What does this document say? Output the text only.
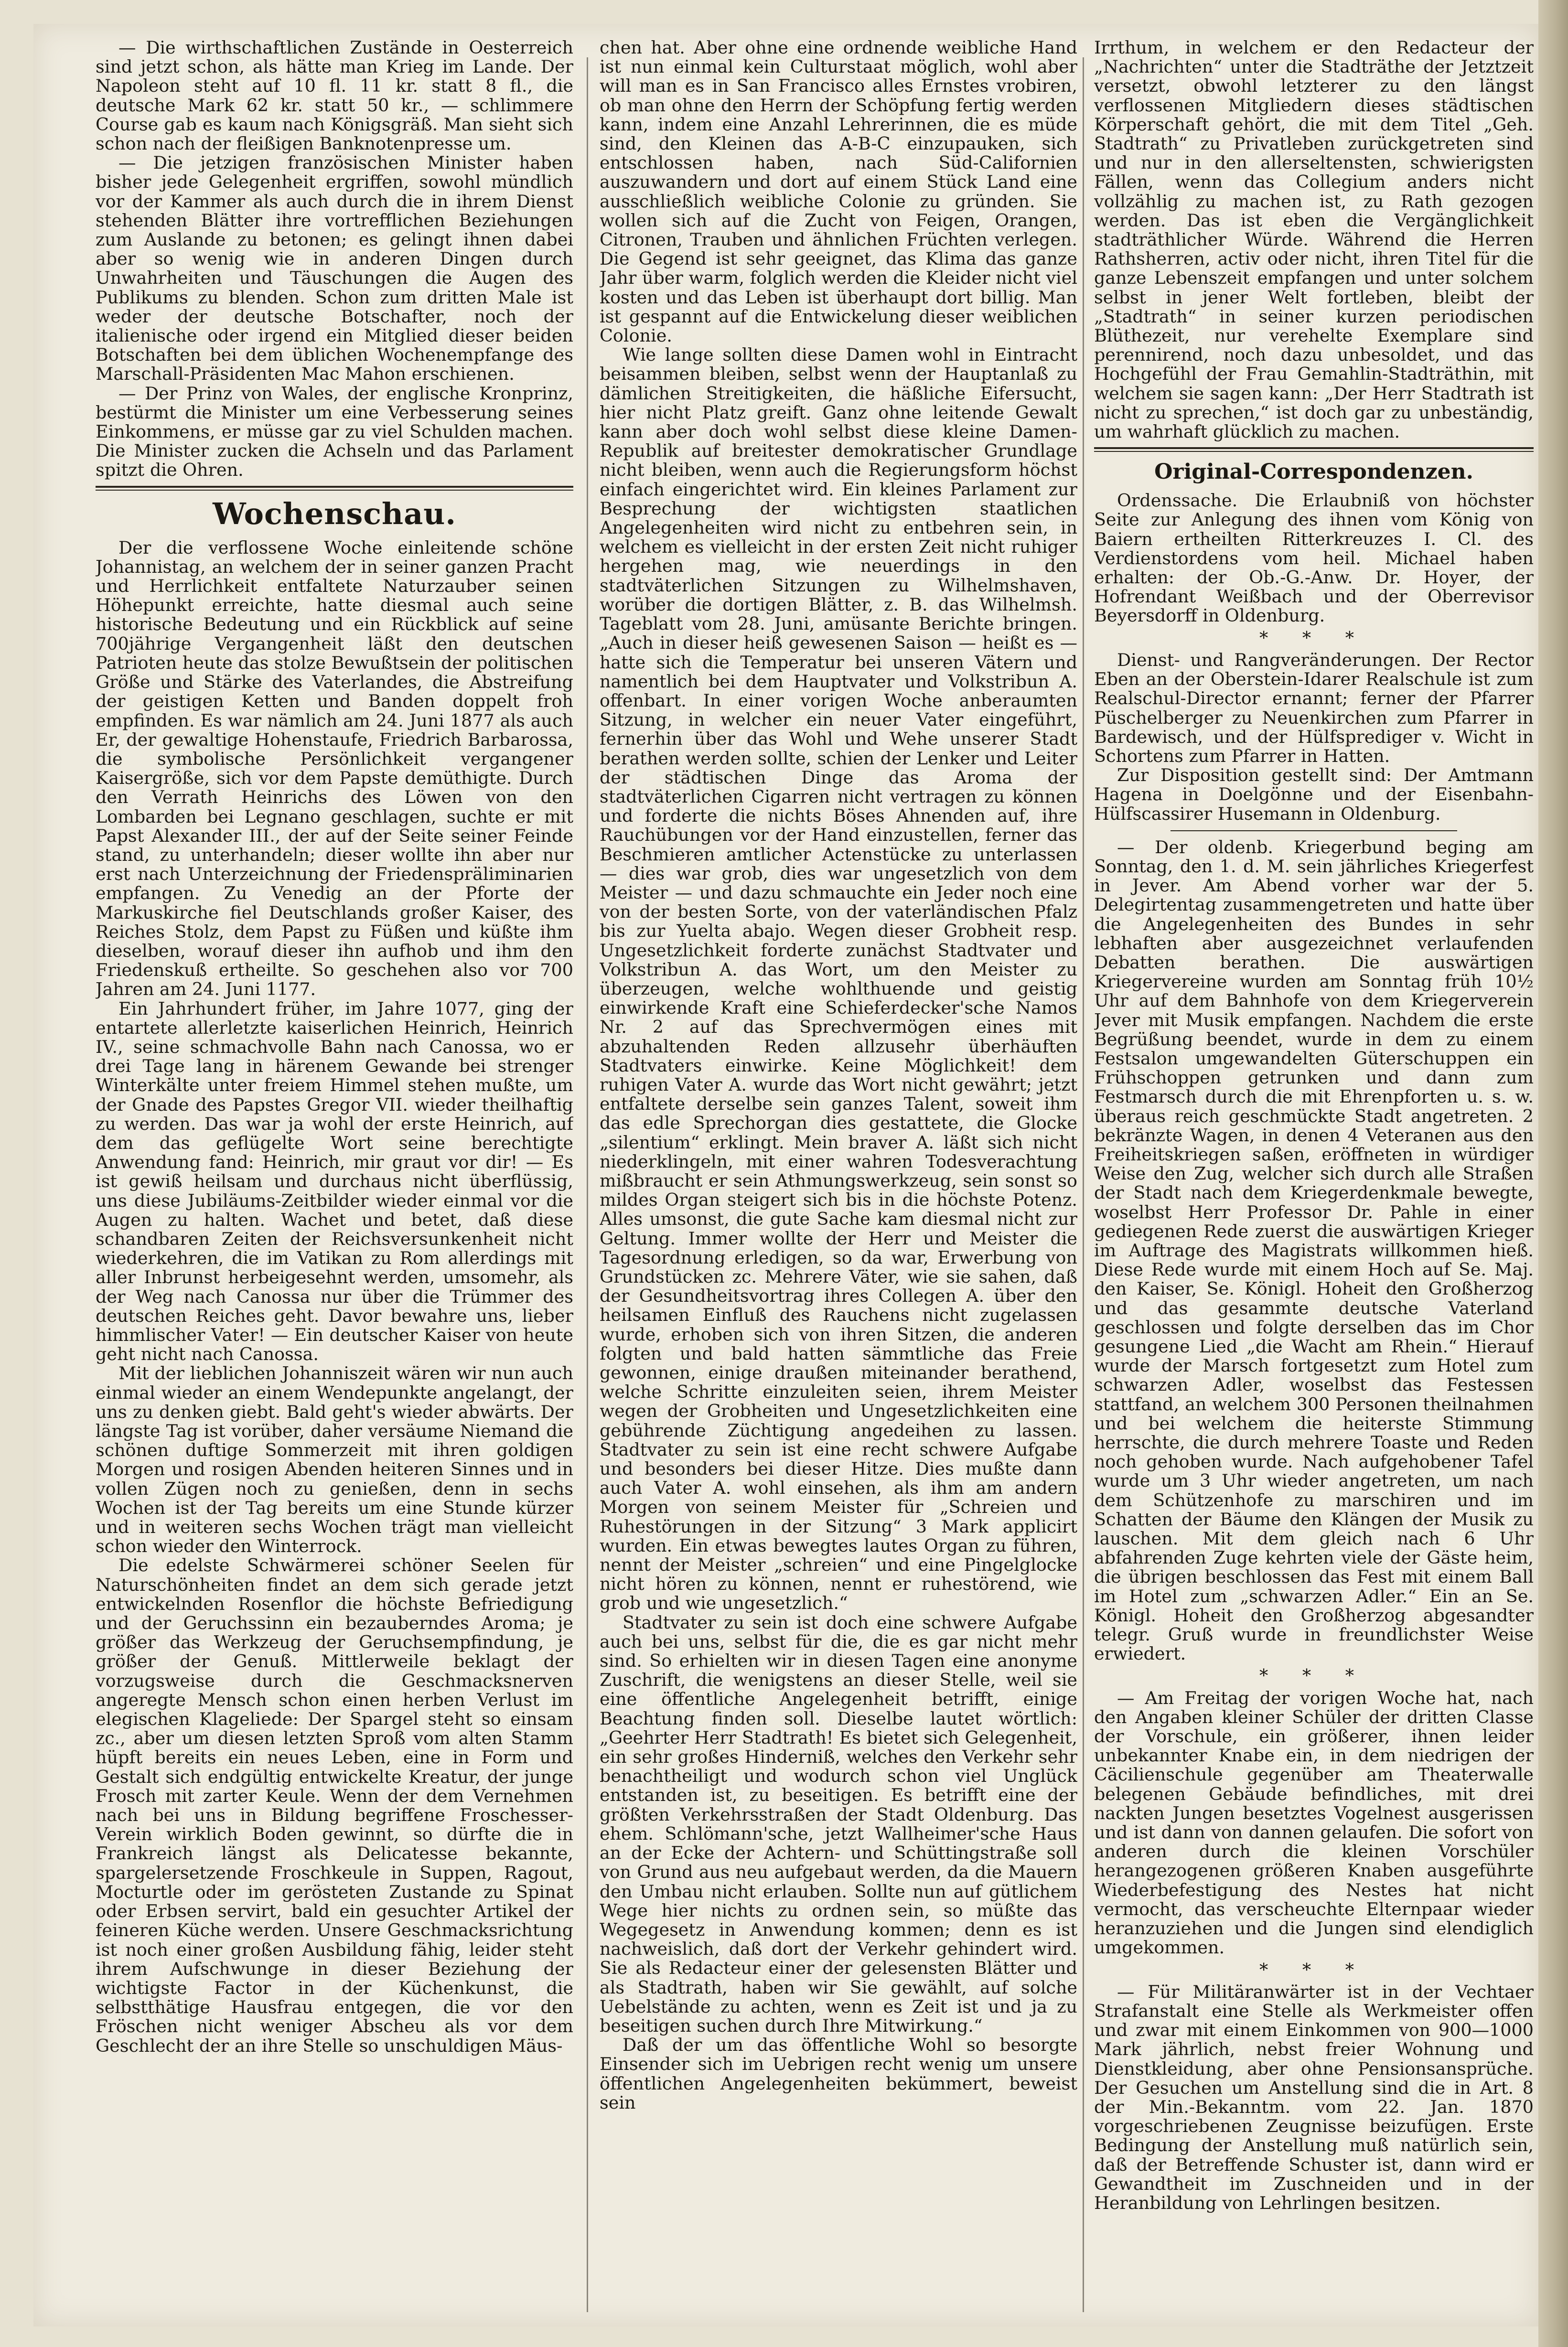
— Die wirthschaftlichen Zustände in Oesterreich sind jetzt schon, als hätte man Krieg im Lande. Der Napoleon steht auf 10 fl. 11 kr. statt 8 fl., die deutsche Mark 62 kr. statt 50 kr., — schlimmere Course gab es kaum nach Königsgräß. Man sieht sich schon nach der fleißigen Banknotenpresse um.

— Die jetzigen französischen Minister haben bisher jede Gelegenheit ergriffen, sowohl mündlich vor der Kammer als auch durch die in ihrem Dienst stehenden Blätter ihre vortrefflichen Beziehungen zum Auslande zu betonen; es gelingt ihnen dabei aber so wenig wie in anderen Dingen durch Unwahrheiten und Täuschungen die Augen des Publikums zu blenden. Schon zum dritten Male ist weder der deutsche Botschafter, noch der italienische oder irgend ein Mitglied dieser beiden Botschaften bei dem üblichen Wochenempfange des Marschall-Präsidenten Mac Mahon erschienen.

— Der Prinz von Wales, der englische Kronprinz, bestürmt die Minister um eine Verbesserung seines Einkommens, er müsse gar zu viel Schulden machen. Die Minister zucken die Achseln und das Parlament spitzt die Ohren.

Wochenschau.

Der die verflossene Woche einleitende schöne Johannistag, an welchem der in seiner ganzen Pracht und Herrlichkeit entfaltete Naturzauber seinen Höhepunkt erreichte, hatte diesmal auch seine historische Bedeutung und ein Rückblick auf seine 700jährige Vergangenheit läßt den deutschen Patrioten heute das stolze Bewußtsein der politischen Größe und Stärke des Vaterlandes, die Abstreifung der geistigen Ketten und Banden doppelt froh empfinden. Es war nämlich am 24. Juni 1877 als auch Er, der gewaltige Hohenstaufe, Friedrich Barbarossa, die symbolische Persönlichkeit vergangener Kaisergröße, sich vor dem Papste demüthigte. Durch den Verrath Heinrichs des Löwen von den Lombarden bei Legnano geschlagen, suchte er mit Papst Alexander III., der auf der Seite seiner Feinde stand, zu unterhandeln; dieser wollte ihn aber nur erst nach Unterzeichnung der Friedenspräliminarien empfangen. Zu Venedig an der Pforte der Markuskirche fiel Deutschlands großer Kaiser, des Reiches Stolz, dem Papst zu Füßen und küßte ihm dieselben, worauf dieser ihn aufhob und ihm den Friedenskuß ertheilte. So geschehen also vor 700 Jahren am 24. Juni 1177.

Ein Jahrhundert früher, im Jahre 1077, ging der entartete allerletzte kaiserlichen Heinrich, Heinrich IV., seine schmachvolle Bahn nach Canossa, wo er drei Tage lang in härenem Gewande bei strenger Winterkälte unter freiem Himmel stehen mußte, um der Gnade des Papstes Gregor VII. wieder theilhaftig zu werden. Das war ja wohl der erste Heinrich, auf dem das geflügelte Wort seine berechtigte Anwendung fand: Heinrich, mir graut vor dir! — Es ist gewiß heilsam und durchaus nicht überflüssig, uns diese Jubiläums-Zeitbilder wieder einmal vor die Augen zu halten. Wachet und betet, daß diese schandbaren Zeiten der Reichsversunkenheit nicht wiederkehren, die im Vatikan zu Rom allerdings mit aller Inbrunst herbeigesehnt werden, umsomehr, als der Weg nach Canossa nur über die Trümmer des deutschen Reiches geht. Davor bewahre uns, lieber himmlischer Vater! — Ein deutscher Kaiser von heute geht nicht nach Canossa.

Mit der lieblichen Johanniszeit wären wir nun auch einmal wieder an einem Wendepunkte angelangt, der uns zu denken giebt. Bald geht's wieder abwärts. Der längste Tag ist vorüber, daher versäume Niemand die schönen duftige Sommerzeit mit ihren goldigen Morgen und rosigen Abenden heiteren Sinnes und in vollen Zügen noch zu genießen, denn in sechs Wochen ist der Tag bereits um eine Stunde kürzer und in weiteren sechs Wochen trägt man vielleicht schon wieder den Winterrock.

Die edelste Schwärmerei schöner Seelen für Naturschönheiten findet an dem sich gerade jetzt entwickelnden Rosenflor die höchste Befriedigung und der Geruchssinn ein bezauberndes Aroma; je größer das Werkzeug der Geruchsempfindung, je größer der Genuß. Mittlerweile beklagt der vorzugsweise durch die Geschmacksnerven angeregte Mensch schon einen herben Verlust im elegischen Klageliede: Der Spargel steht so einsam zc., aber um diesen letzten Sproß vom alten Stamm hüpft bereits ein neues Leben, eine in Form und Gestalt sich endgültig entwickelte Kreatur, der junge Frosch mit zarter Keule. Wenn der dem Vernehmen nach bei uns in Bildung begriffene Froschesser-Verein wirklich Boden gewinnt, so dürfte die in Frankreich längst als Delicatesse bekannte, spargelersetzende Froschkeule in Suppen, Ragout, Mocturtle oder im gerösteten Zustande zu Spinat oder Erbsen servirt, bald ein gesuchter Artikel der feineren Küche werden. Unsere Geschmacksrichtung ist noch einer großen Ausbildung fähig, leider steht ihrem Aufschwunge in dieser Beziehung der wichtigste Factor in der Küchenkunst, die selbstthätige Hausfrau entgegen, die vor den Fröschen nicht weniger Abscheu als vor dem Geschlecht der an ihre Stelle so unschuldigen Mäus-

chen hat. Aber ohne eine ordnende weibliche Hand ist nun einmal kein Culturstaat möglich, wohl aber will man es in San Francisco alles Ernstes vrobiren, ob man ohne den Herrn der Schöpfung fertig werden kann, indem eine Anzahl Lehrerinnen, die es müde sind, den Kleinen das A-B-C einzupauken, sich entschlossen haben, nach Süd-Californien auszuwandern und dort auf einem Stück Land eine ausschließlich weibliche Colonie zu gründen. Sie wollen sich auf die Zucht von Feigen, Orangen, Citronen, Trauben und ähnlichen Früchten verlegen. Die Gegend ist sehr geeignet, das Klima das ganze Jahr über warm, folglich werden die Kleider nicht viel kosten und das Leben ist überhaupt dort billig. Man ist gespannt auf die Entwickelung dieser weiblichen Colonie.

Wie lange sollten diese Damen wohl in Eintracht beisammen bleiben, selbst wenn der Hauptanlaß zu dämlichen Streitigkeiten, die häßliche Eifersucht, hier nicht Platz greift. Ganz ohne leitende Gewalt kann aber doch wohl selbst diese kleine Damen-Republik auf breitester demokratischer Grundlage nicht bleiben, wenn auch die Regierungsform höchst einfach eingerichtet wird. Ein kleines Parlament zur Besprechung der wichtigsten staatlichen Angelegenheiten wird nicht zu entbehren sein, in welchem es vielleicht in der ersten Zeit nicht ruhiger hergehen mag, wie neuerdings in den stadtväterlichen Sitzungen zu Wilhelmshaven, worüber die dortigen Blätter, z. B. das Wilhelmsh. Tageblatt vom 28. Juni, amüsante Berichte bringen. „Auch in dieser heiß gewesenen Saison — heißt es — hatte sich die Temperatur bei unseren Vätern und namentlich bei dem Hauptvater und Volkstribun A. offenbart. In einer vorigen Woche anberaumten Sitzung, in welcher ein neuer Vater eingeführt, fernerhin über das Wohl und Wehe unserer Stadt berathen werden sollte, schien der Lenker und Leiter der städtischen Dinge das Aroma der stadtväterlichen Cigarren nicht vertragen zu können und forderte die nichts Böses Ahnenden auf, ihre Rauchübungen vor der Hand einzustellen, ferner das Beschmieren amtlicher Actenstücke zu unterlassen — dies war grob, dies war ungesetzlich von dem Meister — und dazu schmauchte ein Jeder noch eine von der besten Sorte, von der vaterländischen Pfalz bis zur Yuelta abajo. Wegen dieser Grobheit resp. Ungesetzlichkeit forderte zunächst Stadtvater und Volkstribun A. das Wort, um den Meister zu überzeugen, welche wohlthuende und geistig einwirkende Kraft eine Schieferdecker'sche Namos Nr. 2 auf das Sprechvermögen eines mit abzuhaltenden Reden allzusehr überhäuften Stadtvaters einwirke. Keine Möglichkeit! dem ruhigen Vater A. wurde das Wort nicht gewährt; jetzt entfaltete derselbe sein ganzes Talent, soweit ihm das edle Sprechorgan dies gestattete, die Glocke „silentium“ erklingt. Mein braver A. läßt sich nicht niederklingeln, mit einer wahren Todesverachtung mißbraucht er sein Athmungswerkzeug, sein sonst so mildes Organ steigert sich bis in die höchste Potenz. Alles umsonst, die gute Sache kam diesmal nicht zur Geltung. Immer wollte der Herr und Meister die Tagesordnung erledigen, so da war, Erwerbung von Grundstücken zc. Mehrere Väter, wie sie sahen, daß der Gesundheitsvortrag ihres Collegen A. über den heilsamen Einfluß des Rauchens nicht zugelassen wurde, erhoben sich von ihren Sitzen, die anderen folgten und bald hatten sämmtliche das Freie gewonnen, einige draußen miteinander berathend, welche Schritte einzuleiten seien, ihrem Meister wegen der Grobheiten und Ungesetzlichkeiten eine gebührende Züchtigung angedeihen zu lassen. Stadtvater zu sein ist eine recht schwere Aufgabe und besonders bei dieser Hitze. Dies mußte dann auch Vater A. wohl einsehen, als ihm am andern Morgen von seinem Meister für „Schreien und Ruhestörungen in der Sitzung“ 3 Mark applicirt wurden. Ein etwas bewegtes lautes Organ zu führen, nennt der Meister „schreien“ und eine Pingelglocke nicht hören zu können, nennt er ruhestörend, wie grob und wie ungesetzlich.“

Stadtvater zu sein ist doch eine schwere Aufgabe auch bei uns, selbst für die, die es gar nicht mehr sind. So erhielten wir in diesen Tagen eine anonyme Zuschrift, die wenigstens an dieser Stelle, weil sie eine öffentliche Angelegenheit betrifft, einige Beachtung finden soll. Dieselbe lautet wörtlich: „Geehrter Herr Stadtrath! Es bietet sich Gelegenheit, ein sehr großes Hinderniß, welches den Verkehr sehr benachtheiligt und wodurch schon viel Unglück entstanden ist, zu beseitigen. Es betrifft eine der größten Verkehrsstraßen der Stadt Oldenburg. Das ehem. Schlömann'sche, jetzt Wallheimer'sche Haus an der Ecke der Achtern- und Schüttingstraße soll von Grund aus neu aufgebaut werden, da die Mauern den Umbau nicht erlauben. Sollte nun auf gütlichem Wege hier nichts zu ordnen sein, so müßte das Wegegesetz in Anwendung kommen; denn es ist nachweislich, daß dort der Verkehr gehindert wird. Sie als Redacteur einer der gelesensten Blätter und als Stadtrath, haben wir Sie gewählt, auf solche Uebelstände zu achten, wenn es Zeit ist und ja zu beseitigen suchen durch Ihre Mitwirkung.“

Daß der um das öffentliche Wohl so besorgte Einsender sich im Uebrigen recht wenig um unsere öffentlichen Angelegenheiten bekümmert, beweist sein

Irrthum, in welchem er den Redacteur der „Nachrichten“ unter die Stadträthe der Jetztzeit versetzt, obwohl letzterer zu den längst verflossenen Mitgliedern dieses städtischen Körperschaft gehört, die mit dem Titel „Geh. Stadtrath“ zu Privatleben zurückgetreten sind und nur in den allerseltensten, schwierigsten Fällen, wenn das Collegium anders nicht vollzählig zu machen ist, zu Rath gezogen werden. Das ist eben die Vergänglichkeit stadträthlicher Würde. Während die Herren Rathsherren, activ oder nicht, ihren Titel für die ganze Lebenszeit empfangen und unter solchem selbst in jener Welt fortleben, bleibt der „Stadtrath“ in seiner kurzen periodischen Blüthezeit, nur verehelte Exemplare sind perennirend, noch dazu unbesoldet, und das Hochgefühl der Frau Gemahlin-Stadträthin, mit welchem sie sagen kann: „Der Herr Stadtrath ist nicht zu sprechen,“ ist doch gar zu unbeständig, um wahrhaft glücklich zu machen.

Original-Correspondenzen.

Ordenssache. Die Erlaubniß von höchster Seite zur Anlegung des ihnen vom König von Baiern ertheilten Ritterkreuzes I. Cl. des Verdienstordens vom heil. Michael haben erhalten: der Ob.-G.-Anw. Dr. Hoyer, der Hofrendant Weißbach und der Oberrevisor Beyersdorff in Oldenburg.

* * *

Dienst- und Rangveränderungen. Der Rector Eben an der Oberstein-Idarer Realschule ist zum Realschul-Director ernannt; ferner der Pfarrer Püschelberger zu Neuenkirchen zum Pfarrer in Bardewisch, und der Hülfsprediger v. Wicht in Schortens zum Pfarrer in Hatten.

Zur Disposition gestellt sind: Der Amtmann Hagena in Doelgönne und der Eisenbahn-Hülfscassirer Husemann in Oldenburg.

— Der oldenb. Kriegerbund beging am Sonntag, den 1. d. M. sein jährliches Kriegerfest in Jever. Am Abend vorher war der 5. Delegirtentag zusammengetreten und hatte über die Angelegenheiten des Bundes in sehr lebhaften aber ausgezeichnet verlaufenden Debatten berathen. Die auswärtigen Kriegervereine wurden am Sonntag früh 10½ Uhr auf dem Bahnhofe von dem Kriegerverein Jever mit Musik empfangen. Nachdem die erste Begrüßung beendet, wurde in dem zu einem Festsalon umgewandelten Güterschuppen ein Frühschoppen getrunken und dann zum Festmarsch durch die mit Ehrenpforten u. s. w. überaus reich geschmückte Stadt angetreten. 2 bekränzte Wagen, in denen 4 Veteranen aus den Freiheitskriegen saßen, eröffneten in würdiger Weise den Zug, welcher sich durch alle Straßen der Stadt nach dem Kriegerdenkmale bewegte, woselbst Herr Professor Dr. Pahle in einer gediegenen Rede zuerst die auswärtigen Krieger im Auftrage des Magistrats willkommen hieß. Diese Rede wurde mit einem Hoch auf Se. Maj. den Kaiser, Se. Königl. Hoheit den Großherzog und das gesammte deutsche Vaterland geschlossen und folgte derselben das im Chor gesungene Lied „die Wacht am Rhein.“ Hierauf wurde der Marsch fortgesetzt zum Hotel zum schwarzen Adler, woselbst das Festessen stattfand, an welchem 300 Personen theilnahmen und bei welchem die heiterste Stimmung herrschte, die durch mehrere Toaste und Reden noch gehoben wurde. Nach aufgehobener Tafel wurde um 3 Uhr wieder angetreten, um nach dem Schützenhofe zu marschiren und im Schatten der Bäume den Klängen der Musik zu lauschen. Mit dem gleich nach 6 Uhr abfahrenden Zuge kehrten viele der Gäste heim, die übrigen beschlossen das Fest mit einem Ball im Hotel zum „schwarzen Adler.“ Ein an Se. Königl. Hoheit den Großherzog abgesandter telegr. Gruß wurde in freundlichster Weise erwiedert.

* * *

— Am Freitag der vorigen Woche hat, nach den Angaben kleiner Schüler der dritten Classe der Vorschule, ein größerer, ihnen leider unbekannter Knabe ein, in dem niedrigen der Cäcilienschule gegenüber am Theaterwalle belegenen Gebäude befindliches, mit drei nackten Jungen besetztes Vogelnest ausgerissen und ist dann von dannen gelaufen. Die sofort von anderen durch die kleinen Vorschüler herangezogenen größeren Knaben ausgeführte Wiederbefestigung des Nestes hat nicht vermocht, das verscheuchte Elternpaar wieder heranzuziehen und die Jungen sind elendiglich umgekommen.

* * *

— Für Militäranwärter ist in der Vechtaer Strafanstalt eine Stelle als Werkmeister offen und zwar mit einem Einkommen von 900—1000 Mark jährlich, nebst freier Wohnung und Dienstkleidung, aber ohne Pensionsansprüche. Der Gesuchen um Anstellung sind die in Art. 8 der Min.-Bekanntm. vom 22. Jan. 1870 vorgeschriebenen Zeugnisse beizufügen. Erste Bedingung der Anstellung muß natürlich sein, daß der Betreffende Schuster ist, dann wird er Gewandtheit im Zuschneiden und in der Heranbildung von Lehrlingen besitzen.
